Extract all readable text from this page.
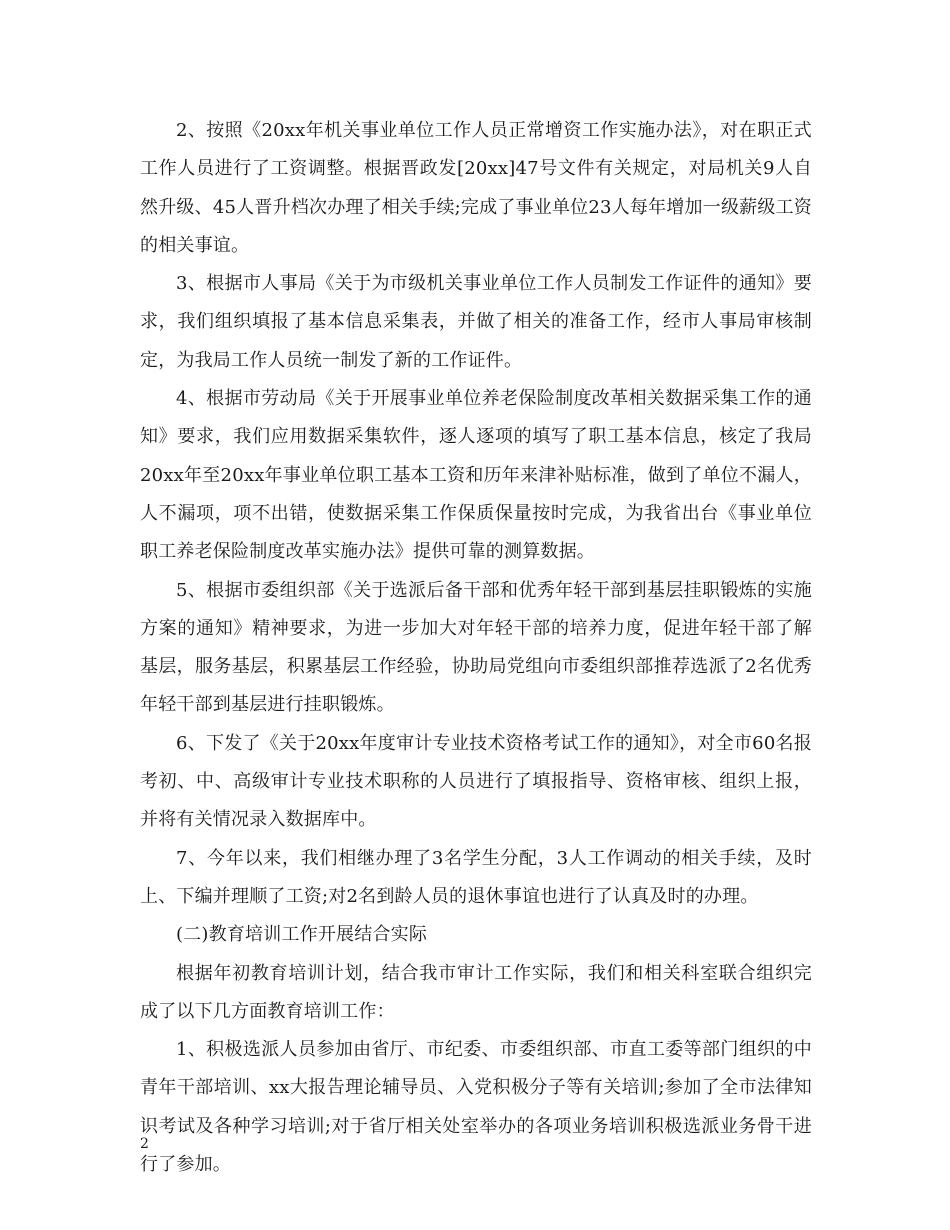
2、按照《20xx年机关事业单位工作人员正常增资工作实施办法》，对在职正式工作人员进行了工资调整。根据晋政发[20xx]47号文件有关规定，对局机关9人自然升级、45人晋升档次办理了相关手续;完成了事业单位23人每年增加一级薪级工资的相关事谊。

3、根据市人事局《关于为市级机关事业单位工作人员制发工作证件的通知》要求，我们组织填报了基本信息采集表，并做了相关的准备工作，经市人事局审核制定，为我局工作人员统一制发了新的工作证件。

4、根据市劳动局《关于开展事业单位养老保险制度改革相关数据采集工作的通知》要求，我们应用数据采集软件，逐人逐项的填写了职工基本信息，核定了我局20xx年至20xx年事业单位职工基本工资和历年来津补贴标准，做到了单位不漏人，人不漏项，项不出错，使数据采集工作保质保量按时完成，为我省出台《事业单位职工养老保险制度改革实施办法》提供可靠的测算数据。

5、根据市委组织部《关于选派后备干部和优秀年轻干部到基层挂职锻炼的实施方案的通知》精神要求，为进一步加大对年轻干部的培养力度，促进年轻干部了解基层，服务基层，积累基层工作经验，协助局党组向市委组织部推荐选派了2名优秀年轻干部到基层进行挂职锻炼。

6、下发了《关于20xx年度审计专业技术资格考试工作的通知》，对全市60名报考初、中、高级审计专业技术职称的人员进行了填报指导、资格审核、组织上报，并将有关情况录入数据库中。

7、今年以来，我们相继办理了3名学生分配，3人工作调动的相关手续，及时上、下编并理顺了工资;对2名到龄人员的退休事谊也进行了认真及时的办理。

(二)教育培训工作开展结合实际

根据年初教育培训计划，结合我市审计工作实际，我们和相关科室联合组织完成了以下几方面教育培训工作：

1、积极选派人员参加由省厅、市纪委、市委组织部、市直工委等部门组织的中青年干部培训、xx大报告理论辅导员、入党积极分子等有关培训;参加了全市法律知识考试及各种学习培训;对于省厅相关处室举办的各项业务培训积极选派业务骨干进行了参加。

2
